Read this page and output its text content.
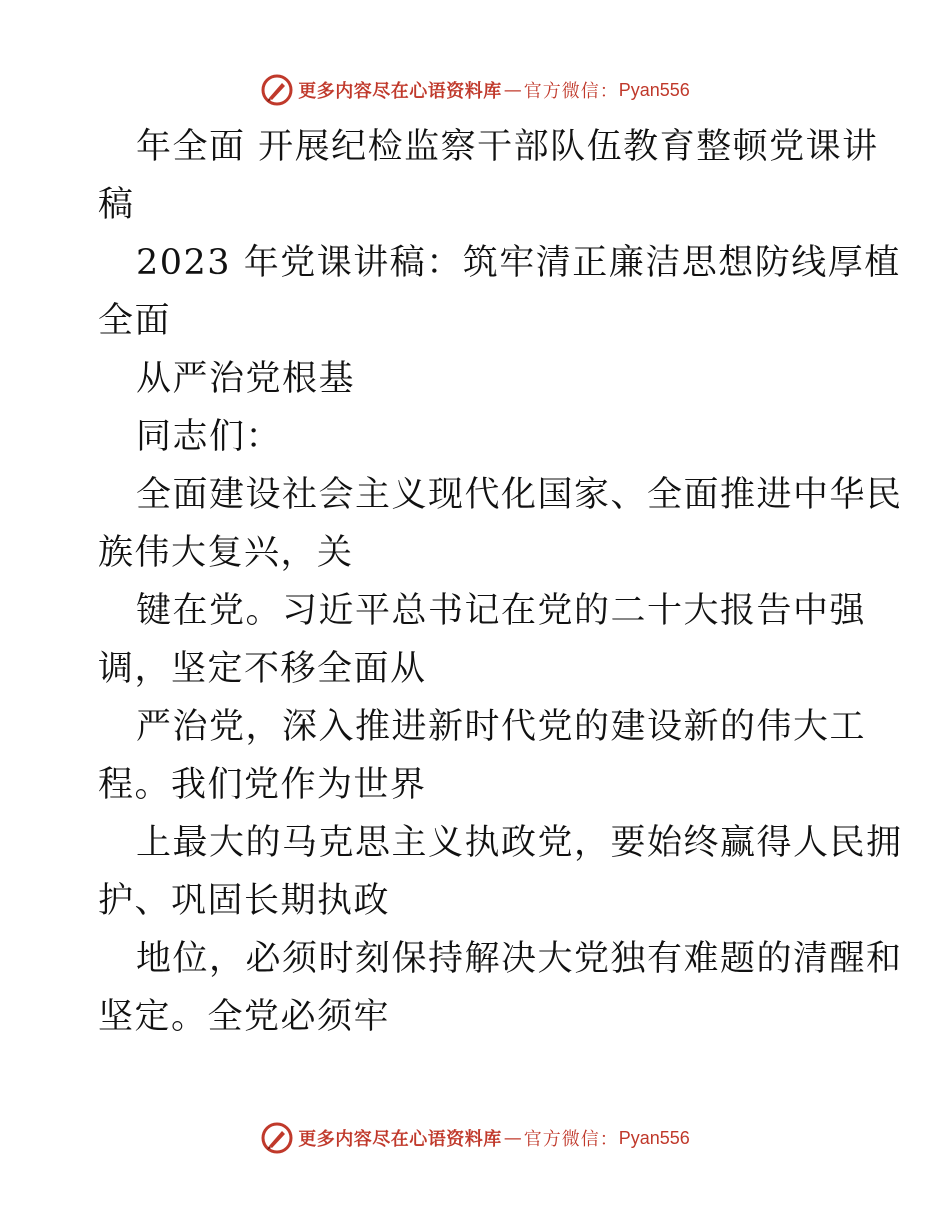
更多内容尽在心语资料库 — 官方微信： Pyan556
年全面 开展纪检监察干部队伍教育整顿党课讲
稿
2023 年党课讲稿：筑牢清正廉洁思想防线厚植
全面
从严治党根基
同志们：
全面建设社会主义现代化国家、全面推进中华民
族伟大复兴，关
键在党。习近平总书记在党的二十大报告中强
调，坚定不移全面从
严治党，深入推进新时代党的建设新的伟大工
程。我们党作为世界
上最大的马克思主义执政党，要始终赢得人民拥
护、巩固长期执政
地位，必须时刻保持解决大党独有难题的清醒和
坚定。全党必须牢
更多内容尽在心语资料库 — 官方微信： Pyan556
